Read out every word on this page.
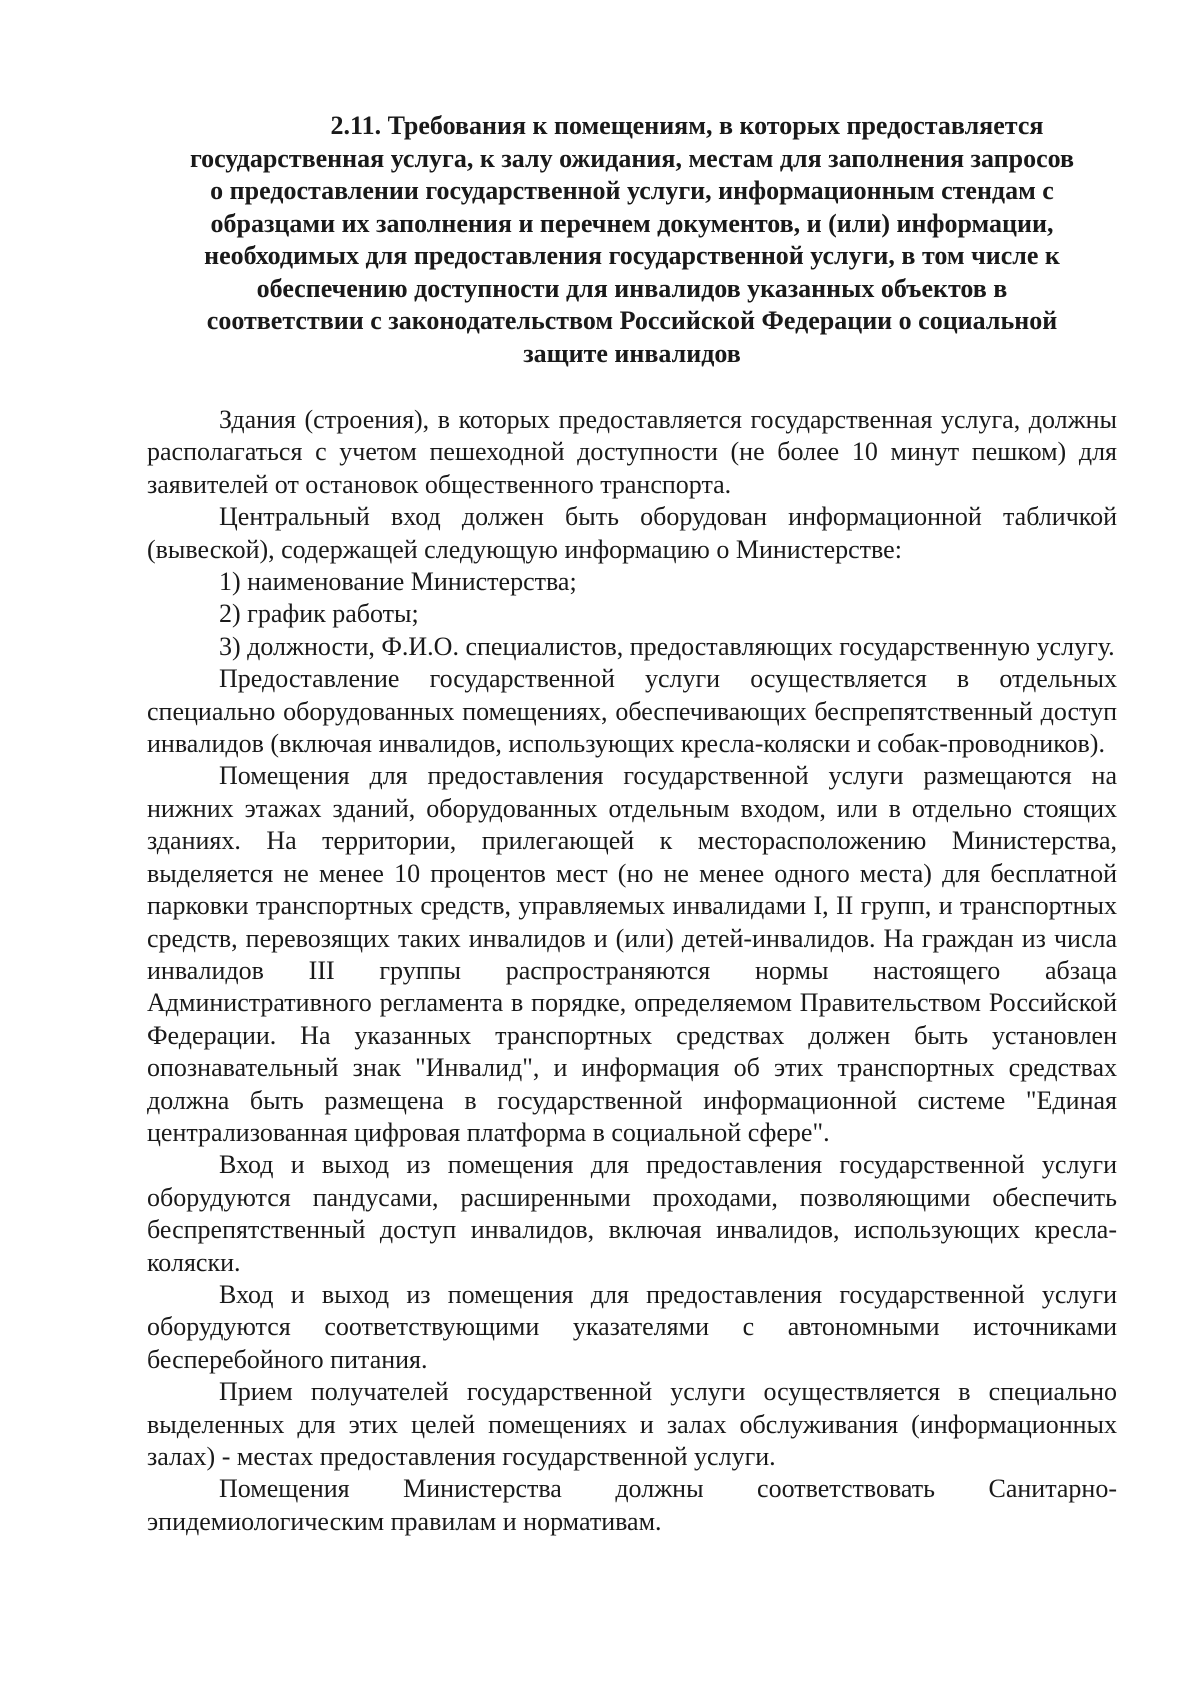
2.11. Требования к помещениям, в которых предоставляется
государственная услуга, к залу ожидания, местам для заполнения запросов
о предоставлении государственной услуги, информационным стендам с
образцами их заполнения и перечнем документов, и (или) информации,
необходимых для предоставления государственной услуги, в том числе к
обеспечению доступности для инвалидов указанных объектов в
соответствии с законодательством Российской Федерации о социальной
защите инвалидов

Здания (строения), в которых предоставляется государственная услуга, должны располагаться с учетом пешеходной доступности (не более 10 минут пешком) для заявителей от остановок общественного транспорта.

Центральный вход должен быть оборудован информационной табличкой (вывеской), содержащей следующую информацию о Министерстве:

1) наименование Министерства;

2) график работы;

3) должности, Ф.И.О. специалистов, предоставляющих государственную услугу.

Предоставление государственной услуги осуществляется в отдельных специально оборудованных помещениях, обеспечивающих беспрепятственный доступ инвалидов (включая инвалидов, использующих кресла-коляски и собак-проводников).

Помещения для предоставления государственной услуги размещаются на нижних этажах зданий, оборудованных отдельным входом, или в отдельно стоящих зданиях. На территории, прилегающей к месторасположению Министерства, выделяется не менее 10 процентов мест (но не менее одного места) для бесплатной парковки транспортных средств, управляемых инвалидами I, II групп, и транспортных средств, перевозящих таких инвалидов и (или) детей-инвалидов. На граждан из числа инвалидов III группы распространяются нормы настоящего абзаца Административного регламента в порядке, определяемом Правительством Российской Федерации. На указанных транспортных средствах должен быть установлен опознавательный знак "Инвалид", и информация об этих транспортных средствах должна быть размещена в государственной информационной системе "Единая централизованная цифровая платформа в социальной сфере".

Вход и выход из помещения для предоставления государственной услуги оборудуются пандусами, расширенными проходами, позволяющими обеспечить беспрепятственный доступ инвалидов, включая инвалидов, использующих кресла-коляски.

Вход и выход из помещения для предоставления государственной услуги оборудуются соответствующими указателями с автономными источниками бесперебойного питания.

Прием получателей государственной услуги осуществляется в специально выделенных для этих целей помещениях и залах обслуживания (информационных залах) - местах предоставления государственной услуги.

Помещения Министерства должны соответствовать Санитарно-эпидемиологическим правилам и нормативам.
